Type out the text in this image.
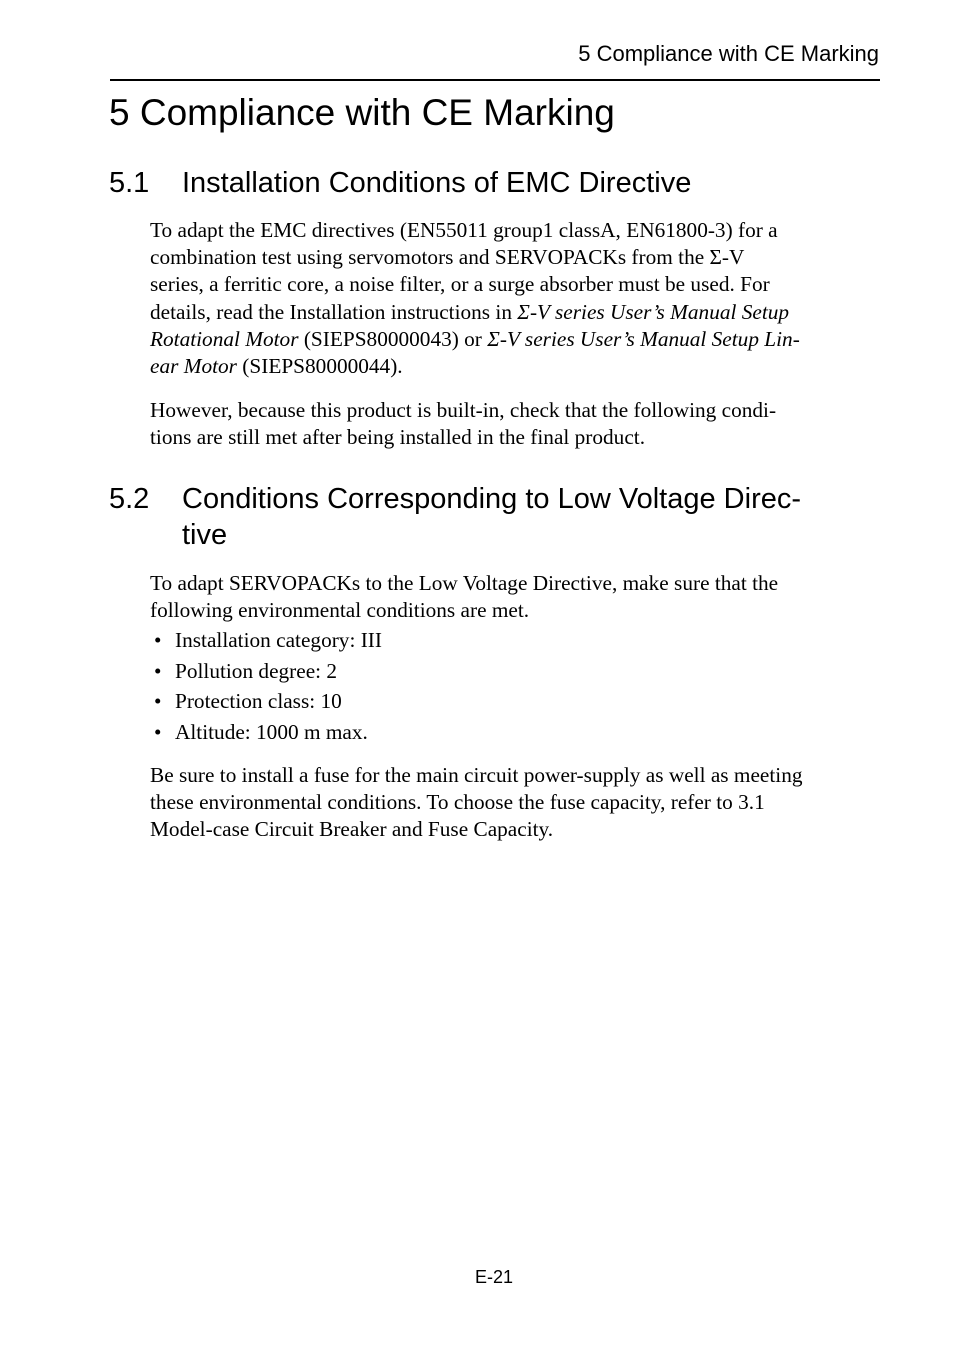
5 Compliance with CE Marking
5 Compliance with CE Marking
5.1 Installation Conditions of EMC Directive

To adapt the EMC directives (EN55011 group1 classA, EN61800-3) for a
combination test using servomotors and SERVOPACKs from the Σ-V
series, a ferritic core, a noise filter, or a surge absorber must be used. For
details, read the Installation instructions in Σ-V series User’s Manual Setup
Rotational Motor (SIEPS80000043) or Σ-V series User’s Manual Setup Lin-
ear Motor (SIEPS80000044).

However, because this product is built-in, check that the following condi-
tions are still met after being installed in the final product.

5.2 Conditions Corresponding to Low Voltage Direc-
tive

To adapt SERVOPACKs to the Low Voltage Directive, make sure that the
following environmental conditions are met.

• Installation category: III
• Pollution degree: 2
• Protection class: 10
• Altitude: 1000 m max.

Be sure to install a fuse for the main circuit power-supply as well as meeting
these environmental conditions. To choose the fuse capacity, refer to 3.1
Model-case Circuit Breaker and Fuse Capacity.

E-21
